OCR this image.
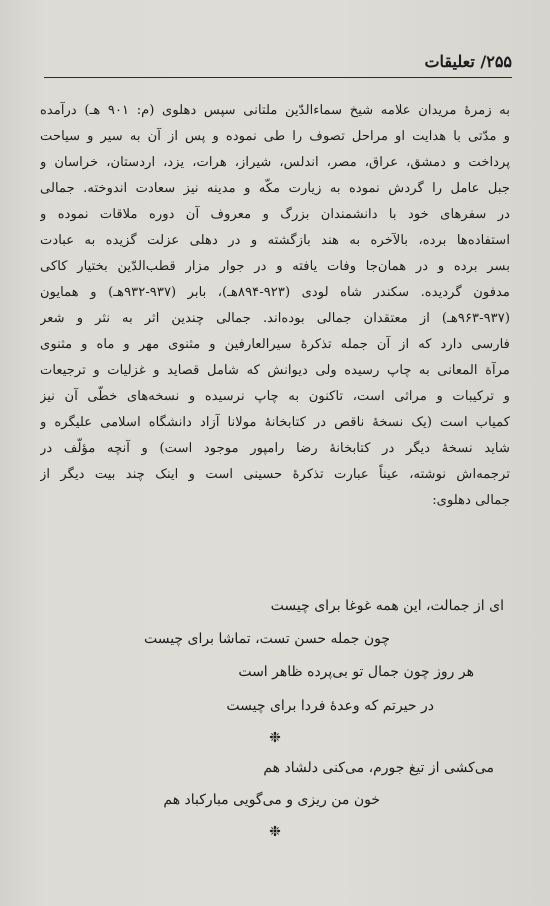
۲۵۵/ تعلیقات
به زمرهٔ مریدان علامه شیخ سماءالدّین ملتانی سپس دهلوی (م: ۹۰۱ هـ) درآمده
و مدّتی با هدایت او مراحل تصوف را طی نموده و پس از آن به سیر و سیاحت
پرداخت و دمشق، عراق، مصر، اندلس، شیراز، هرات، یزد، اردستان، خراسان و
جبل عامل را گردش نموده به زیارت مکّه و مدینه نیز سعادت اندوخته. جمالی
در سفرهای خود با دانشمندان بزرگ و معروف آن دوره ملاقات نموده و
استفاده‌ها برده، بالآخره به هند بازگشته و در دهلی عزلت گزیده به عبادت
بسر برده و در همان‌جا وفات یافته و در جوار مزار قطب‌الدّین بختیار کاکی
مدفون گردیده. سکندر شاه لودی (۹۲۳-۸۹۴هـ)، بابر (۹۳۷-۹۳۲هـ) و همایون
(۹۶۳-۹۳۷هـ) از معتقدان جمالی بوده‌اند. جمالی چندین اثر به نثر و شعر
فارسی دارد که از آن جمله تذکرهٔ سیرالعارفین و مثنوی مهر و ماه و مثنوی
مرآة المعانی به چاپ رسیده ولی دیوانش که شامل قصاید و غزلیات و ترجیعات
و ترکیبات و مراثی است، تاکنون به چاپ نرسیده و نسخه‌های خطّی آن نیز
کمیاب است (یک نسخهٔ ناقص در کتابخانهٔ مولانا آزاد دانشگاه اسلامی علیگره و
شاید نسخهٔ دیگر در کتابخانهٔ رضا رامپور موجود است) و آنچه مؤلّف در
ترجمه‌اش نوشته، عیناً عبارت تذکرهٔ حسینی است و اینک چند بیت دیگر از
جمالی دهلوی:
ای از جمالت، این همه غوغا برای چیست
چون جمله حسن تست، تماشا برای چیست
هر روز چون جمال تو بی‌پرده ظاهر است
در حیرتم که وعدهٔ فردا برای چیست
❉
می‌کشی از تیغ جورم، می‌کنی دلشاد هم
خون من ریزی و می‌گویی مبارکباد هم
❉
